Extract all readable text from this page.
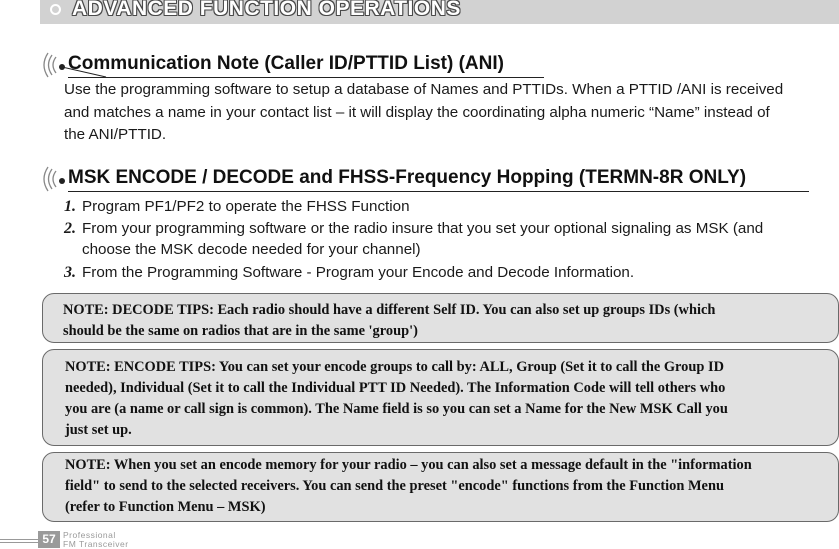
ADVANCED FUNCTION OPERATIONS
Communication Note (Caller ID/PTTID List) (ANI)
Use the programming software to setup a database of Names and PTTIDs. When a PTTID /ANI is received
and matches a name in your contact list – it will display the coordinating alpha numeric “Name” instead of
the ANI/PTTID.
MSK ENCODE / DECODE and FHSS-Frequency Hopping (TERMN-8R ONLY)
1. Program PF1/PF2 to operate the FHSS Function
2. From your programming software or the radio insure that you set your optional signaling as MSK (and
choose the MSK decode needed for your channel)
3. From the Programming Software - Program your Encode and Decode Information.
NOTE: DECODE TIPS: Each radio should have a different Self ID. You can also set up groups IDs (which
should be the same on radios that are in the same 'group')
NOTE: ENCODE TIPS: You can set your encode groups to call by: ALL, Group (Set it to call the Group ID
needed), Individual (Set it to call the Individual PTT ID Needed). The Information Code will tell others who
you are (a name or call sign is common). The Name field is so you can set a Name for the New MSK Call you
just set up.
NOTE: When you set an encode memory for your radio – you can also set a message default in the "information
field" to send to the selected receivers. You can send the preset "encode" functions from the Function Menu
(refer to Function Menu – MSK)
57 Professional
FM Transceiver
